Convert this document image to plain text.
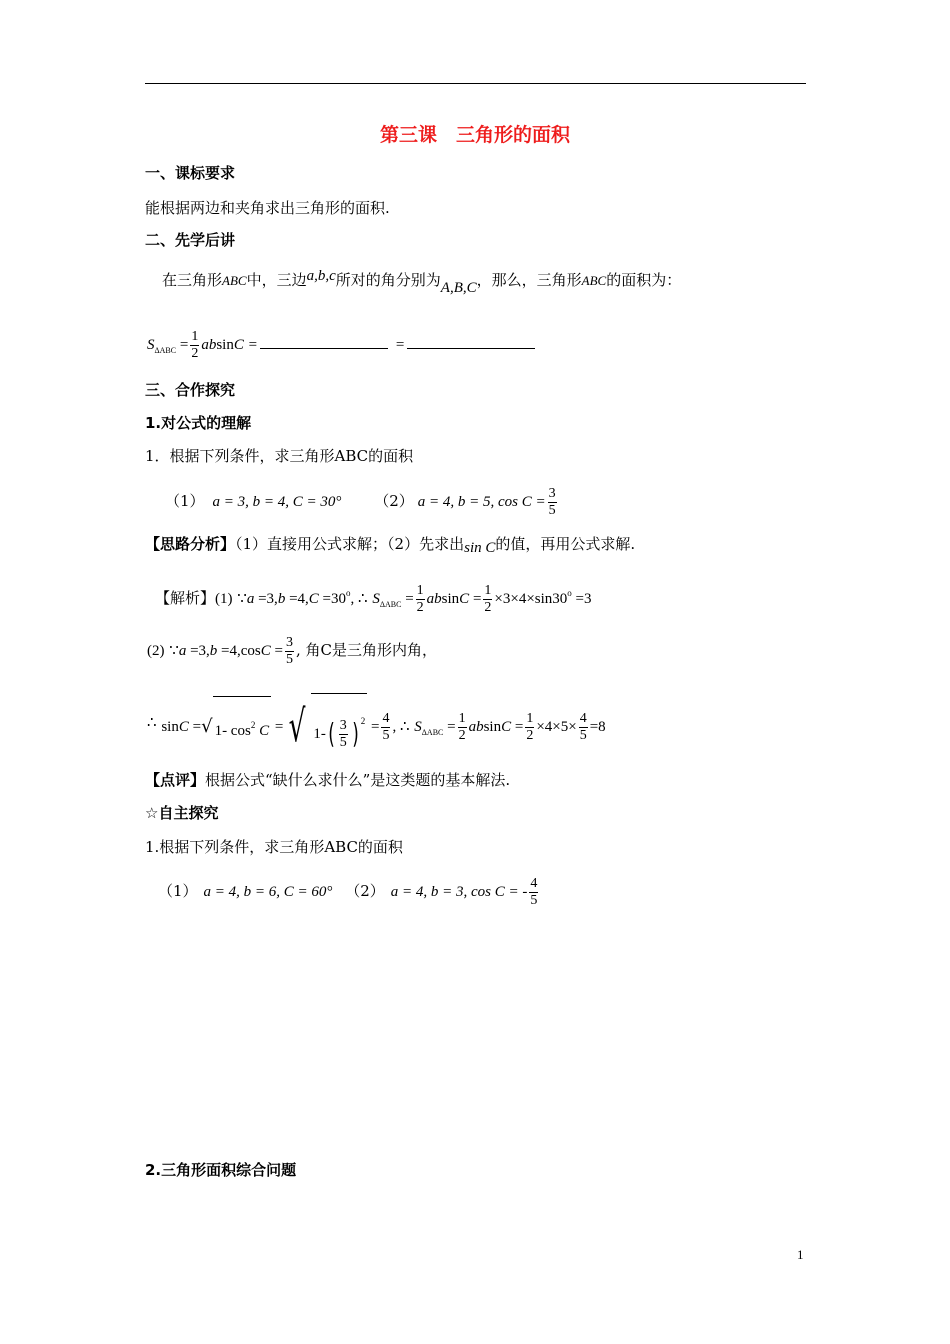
第三课　三角形的面积
一、课标要求
能根据两边和夹角求出三角形的面积.
二、先学后讲
在三角形ABC中，三边a,b,c所对的角分别为A,B,C，那么，三角形ABC的面积为：
$S_{\Delta ABC} = \frac{1}{2}$ absinC =	=
三、合作探究
1.对公式的理解
1．根据下列条件，求三角形ABC的面积
（1） a = 3, b = 4, C = 30° （2） a = 4, b = 5, $\cos C = \frac{3}{5}$
【思路分析】（1）直接用公式求解；（2）先求出sin C的值，再用公式求解.
【解析】(1) ∵a $=3,b =4,C =30^o$, ∴ $S_{\Delta ABC} = \frac{1}{2}$ $absinC = \frac{1}{2} \times 3\times 4\times\sin 30^o =3$
(2) ∵a $=3,b =4,\cos C = \frac{3}{5}$ , 角C是三角形内角，
∴ sinC =√ 1- $\cos^2 C$ = √ $1-( \frac{3}{5}$ ) $^2 = \frac{4}{5}$ , ∴ $S_{\Delta ABC} = \frac{1}{2}$ $absinC = \frac{1}{2} \times 4\times 5\times \frac{4}{5} =8$
【点评】根据公式“缺什么求什么”是这类题的基本解法.
☆自主探究
1.根据下列条件，求三角形ABC的面积
（1） a = 4, b = 6, C = 60° （2） a = 4, b = 3, cos C = - $\frac{4}{5}$
2.三角形面积综合问题
1
